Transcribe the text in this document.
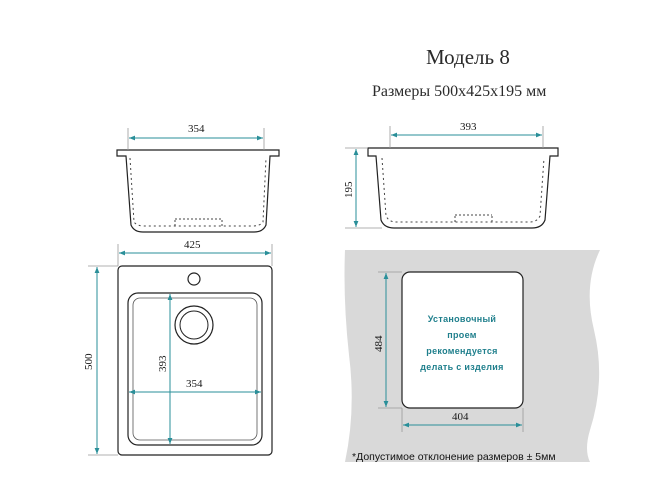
Модель 8
Размеры 500х425х195 мм
354	393
195
425
500	393
354
Установочный
проем
рекомендуется
делать с изделия
484
404
*Допустимое отклонение размеров ± 5мм
